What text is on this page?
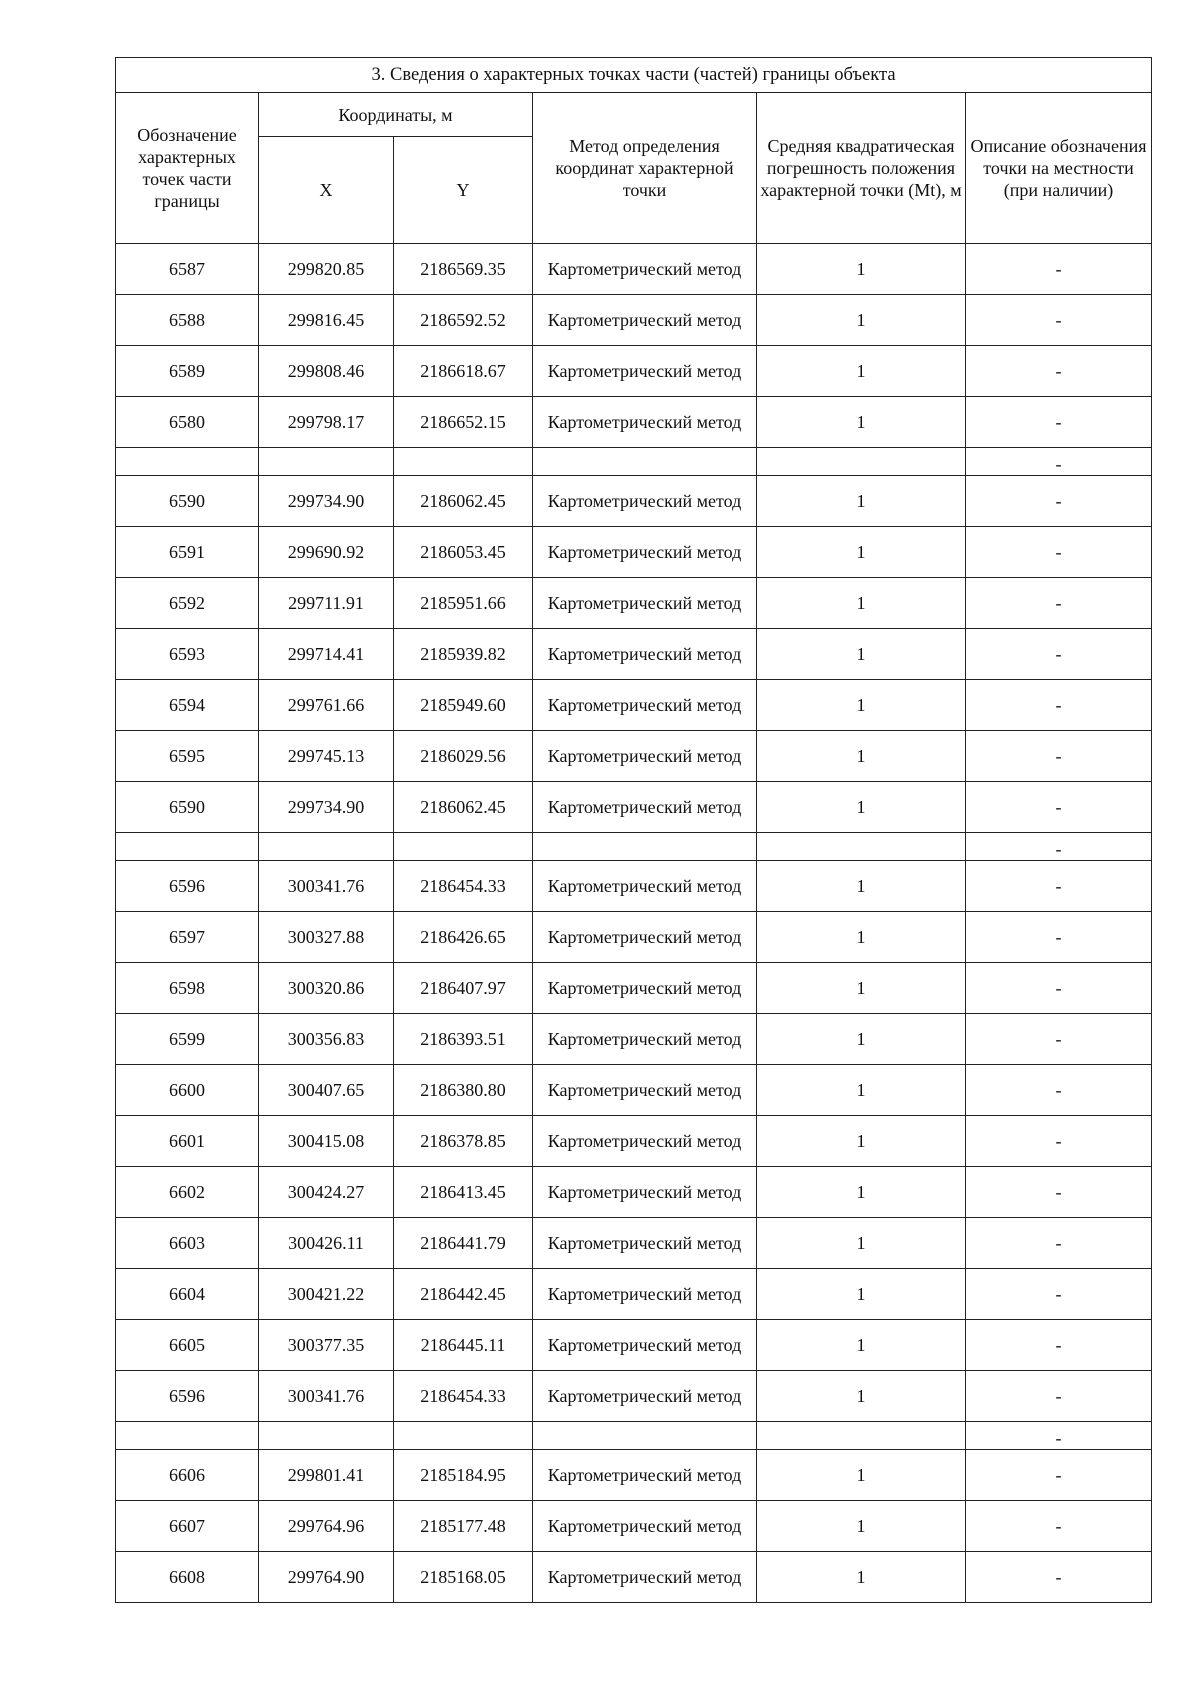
3. Сведения о характерных точках части (частей) границы объекта					
Обозначение характерных точек части границы	Координаты, м		Метод определения координат характерной точки	Средняя квадратическая погрешность положения характерной точки (Mt), м	Описание обозначения точки на местности (при наличии)
	X	Y			
6587	299820.85	2186569.35	Картометрический метод	1	-
6588	299816.45	2186592.52	Картометрический метод	1	-
6589	299808.46	2186618.67	Картометрический метод	1	-
6580	299798.17	2186652.15	Картометрический метод	1	-
					-
6590	299734.90	2186062.45	Картометрический метод	1	-
6591	299690.92	2186053.45	Картометрический метод	1	-
6592	299711.91	2185951.66	Картометрический метод	1	-
6593	299714.41	2185939.82	Картометрический метод	1	-
6594	299761.66	2185949.60	Картометрический метод	1	-
6595	299745.13	2186029.56	Картометрический метод	1	-
6590	299734.90	2186062.45	Картометрический метод	1	-
					-
6596	300341.76	2186454.33	Картометрический метод	1	-
6597	300327.88	2186426.65	Картометрический метод	1	-
6598	300320.86	2186407.97	Картометрический метод	1	-
6599	300356.83	2186393.51	Картометрический метод	1	-
6600	300407.65	2186380.80	Картометрический метод	1	-
6601	300415.08	2186378.85	Картометрический метод	1	-
6602	300424.27	2186413.45	Картометрический метод	1	-
6603	300426.11	2186441.79	Картометрический метод	1	-
6604	300421.22	2186442.45	Картометрический метод	1	-
6605	300377.35	2186445.11	Картометрический метод	1	-
6596	300341.76	2186454.33	Картометрический метод	1	-
					-
6606	299801.41	2185184.95	Картометрический метод	1	-
6607	299764.96	2185177.48	Картометрический метод	1	-
6608	299764.90	2185168.05	Картометрический метод	1	-
